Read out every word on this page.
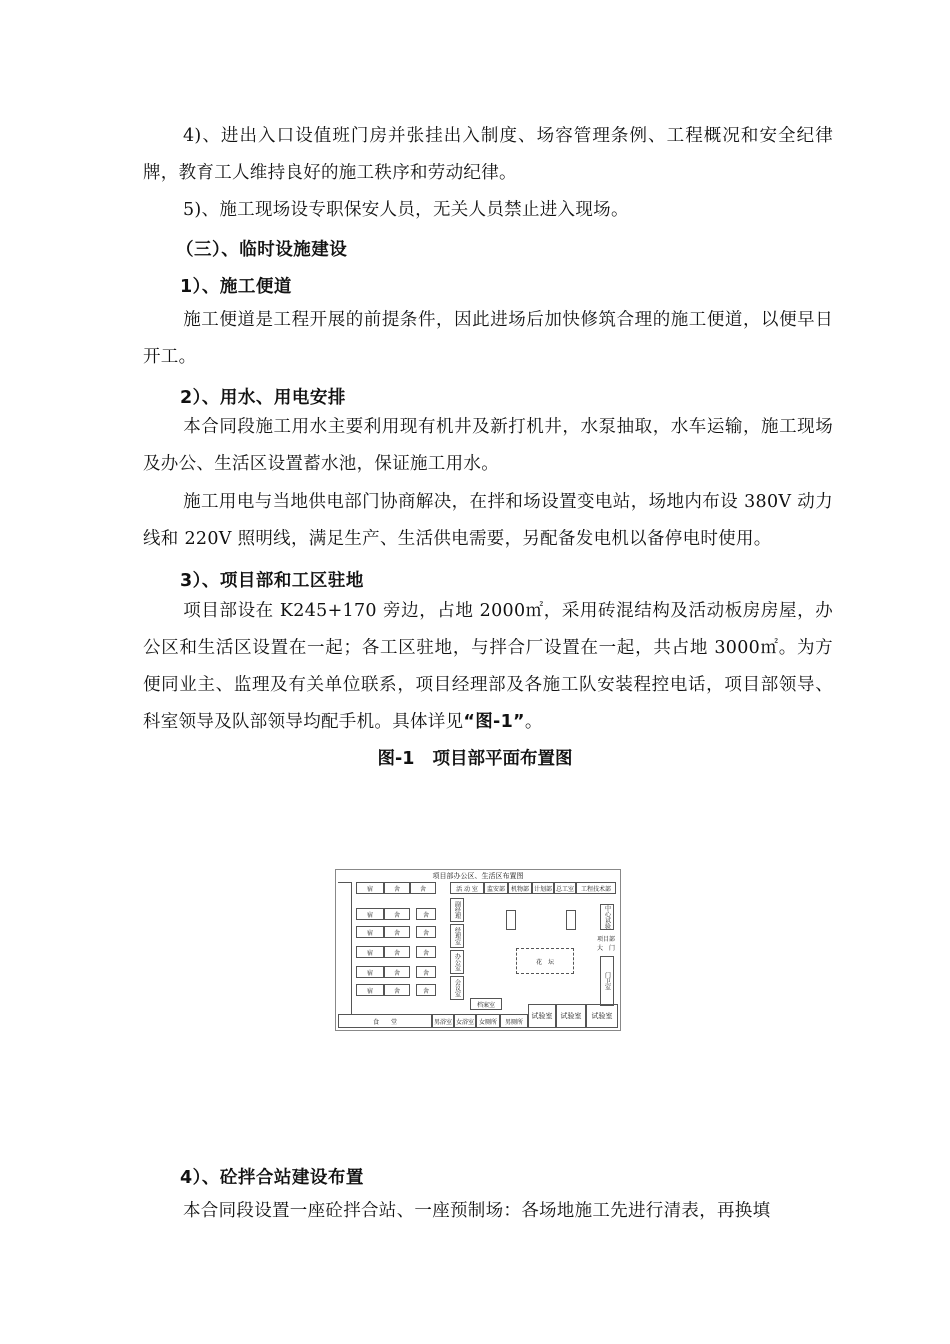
4)、进出入口设值班门房并张挂出入制度、场容管理条例、工程概况和安全纪律牌，教育工人维持良好的施工秩序和劳动纪律。
5)、施工现场设专职保安人员，无关人员禁止进入现场。
（三）、临时设施建设
1）、施工便道
施工便道是工程开展的前提条件，因此进场后加快修筑合理的施工便道，以便早日开工。
2）、用水、用电安排
本合同段施工用水主要利用现有机井及新打机井，水泵抽取，水车运输，施工现场及办公、生活区设置蓄水池，保证施工用水。
施工用电与当地供电部门协商解决，在拌和场设置变电站，场地内布设 380V 动力线和 220V 照明线，满足生产、生活供电需要，另配备发电机以备停电时使用。
3）、项目部和工区驻地
项目部设在 K245+170 旁边，占地 2000㎡，采用砖混结构及活动板房房屋，办公区和生活区设置在一起；各工区驻地，与拌合厂设置在一起，共占地 3000㎡。为方便同业主、监理及有关单位联系，项目经理部及各施工队安装程控电话，项目部领导、科室领导及队部领导均配手机。具体详见“图-1”。
图-1 项目部平面布置图
项目部办公区、生活区布置图
活 动 室	监安部 机物部 计划部 总工室	工程技术部
宿
宿
宿
宿
宿
宿
舍
舍
舍
舍
舍
舍
舍
舍
舍
舍
舍
舍
副经理
经理室
办公室
会议室
档案室
花　坛
中心试验
项目部
大　门
门卫室
食　　堂	男浴室 女浴室 女厕所	男厕所
试验室	试验室	试验室
4）、砼拌合站建设布置
本合同段设置一座砼拌合站、一座预制场：各场地施工先进行清表，再换填
